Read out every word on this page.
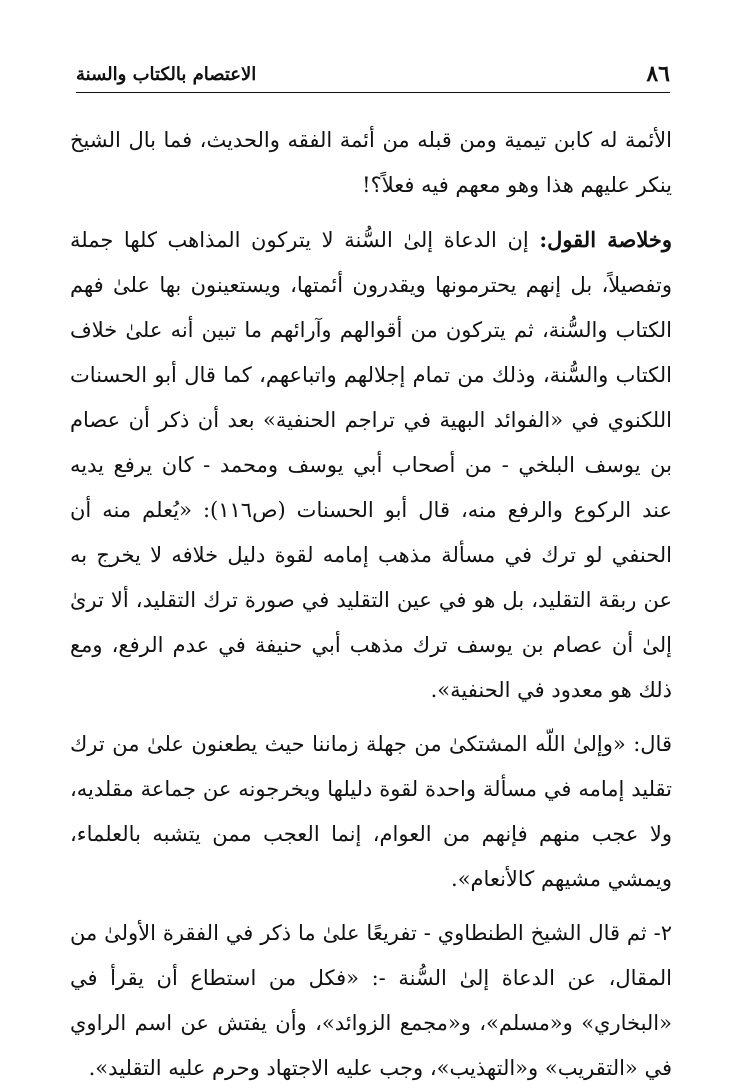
٨٦
الاعتصام بالكتاب والسنة

الأئمة له كابن تيمية ومن قبله من أئمة الفقه والحديث، فما بال الشيخ ينكر عليهم هذا وهو معهم فيه فعلاً؟!

وخلاصة القول: إن الدعاة إلىٰ السُّنة لا يتركون المذاهب كلها جملة وتفصيلاً، بل إنهم يحترمونها ويقدرون أئمتها، ويستعينون بها علىٰ فهم الكتاب والسُّنة، ثم يتركون من أقوالهم وآرائهم ما تبين أنه علىٰ خلاف الكتاب والسُّنة، وذلك من تمام إجلالهم واتباعهم، كما قال أبو الحسنات اللكنوي في «الفوائد البهية في تراجم الحنفية» بعد أن ذكر أن عصام بن يوسف البلخي - من أصحاب أبي يوسف ومحمد - كان يرفع يديه عند الركوع والرفع منه، قال أبو الحسنات (ص١١٦): «يُعلم منه أن الحنفي لو ترك في مسألة مذهب إمامه لقوة دليل خلافه لا يخرج به عن ربقة التقليد، بل هو في عين التقليد في صورة ترك التقليد، ألا ترىٰ إلىٰ أن عصام بن يوسف ترك مذهب أبي حنيفة في عدم الرفع، ومع ذلك هو معدود في الحنفية».

قال: «وإلىٰ اللّه المشتكىٰ من جهلة زماننا حيث يطعنون علىٰ من ترك تقليد إمامه في مسألة واحدة لقوة دليلها ويخرجونه عن جماعة مقلديه، ولا عجب منهم فإنهم من العوام، إنما العجب ممن يتشبه بالعلماء، ويمشي مشيهم كالأنعام».

٢- ثم قال الشيخ الطنطاوي - تفريعًا علىٰ ما ذكر في الفقرة الأولىٰ من المقال، عن الدعاة إلىٰ السُّنة -: «فكل من استطاع أن يقرأ في «البخاري» و«مسلم»، و«مجمع الزوائد»، وأن يفتش عن اسم الراوي في «التقريب» و«التهذيب»، وجب عليه الاجتهاد وحرم عليه التقليد».
